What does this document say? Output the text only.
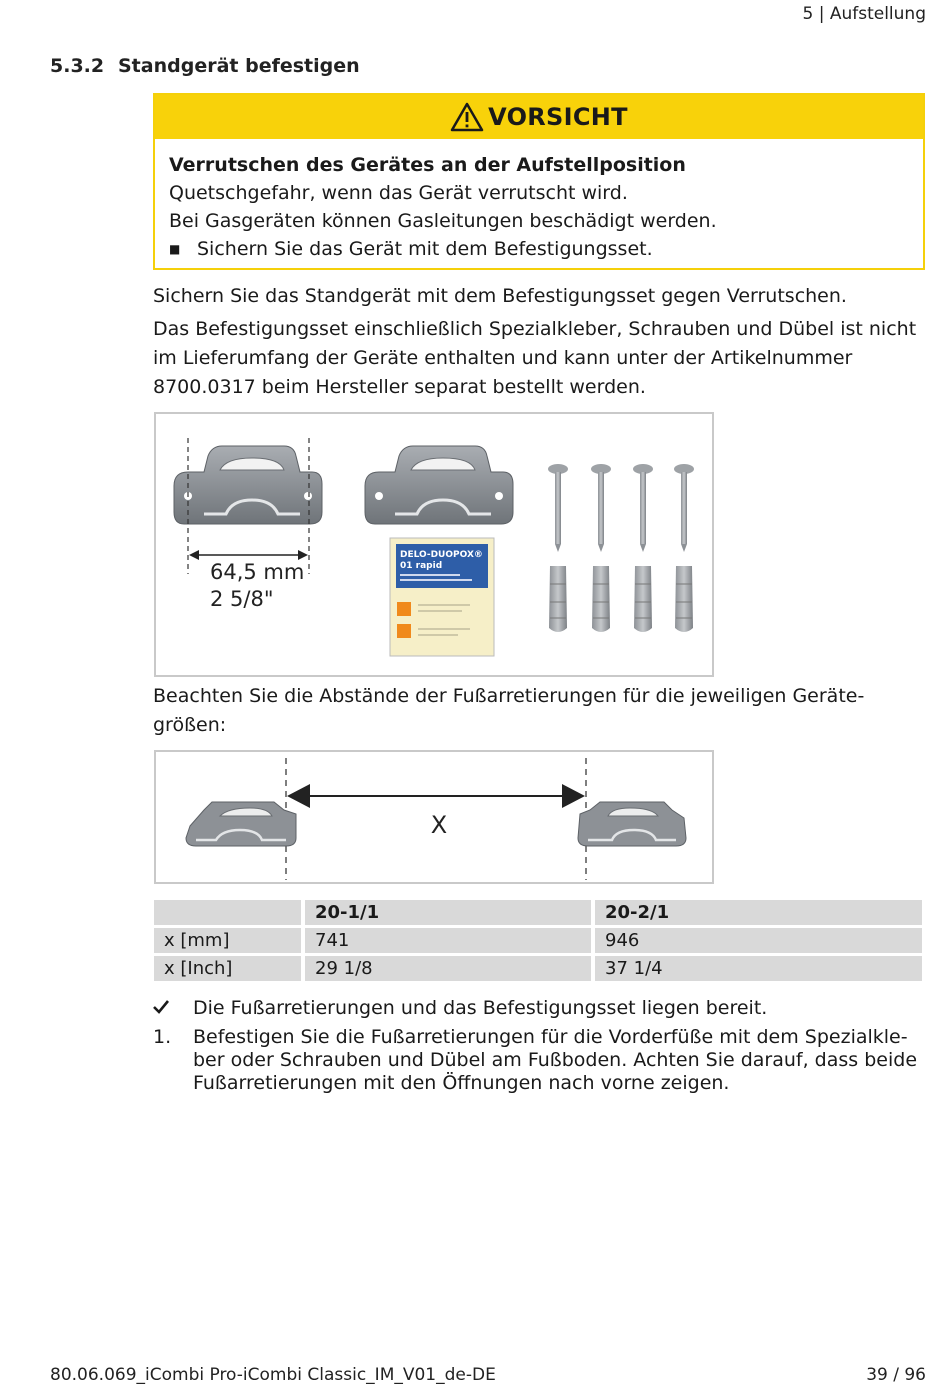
5 | Aufstellung
5.3.2 Standgerät befestigen
VORSICHT
Verrutschen des Gerätes an der Aufstellposition
Quetschgefahr, wenn das Gerät verrutscht wird.
Bei Gasgeräten können Gasleitungen beschädigt werden.
■ Sichern Sie das Gerät mit dem Befestigungsset.
Sichern Sie das Standgerät mit dem Befestigungsset gegen Verrutschen.
Das Befestigungsset einschließlich Spezialkleber, Schrauben und Dübel ist nicht im Lieferumfang der Geräte enthalten und kann unter der Artikelnummer 8700.0317 beim Hersteller separat bestellt werden.
64,5 mm
2 5/8"
DELO-DUOPOX®
01 rapid
Beachten Sie die Abstände der Fußarretierungen für die jeweiligen Gerätegrößen:
X
	20-1/1	20-2/1
x [mm]	741	946
x [Inch]	29 1/8	37 1/4
Die Fußarretierungen und das Befestigungsset liegen bereit.
1.	Befestigen Sie die Fußarretierungen für die Vorderfüße mit dem Spezialkleber oder Schrauben und Dübel am Fußboden. Achten Sie darauf, dass beide Fußarretierungen mit den Öffnungen nach vorne zeigen.
80.06.069_iCombi Pro-iCombi Classic_IM_V01_de-DE	39 / 96
